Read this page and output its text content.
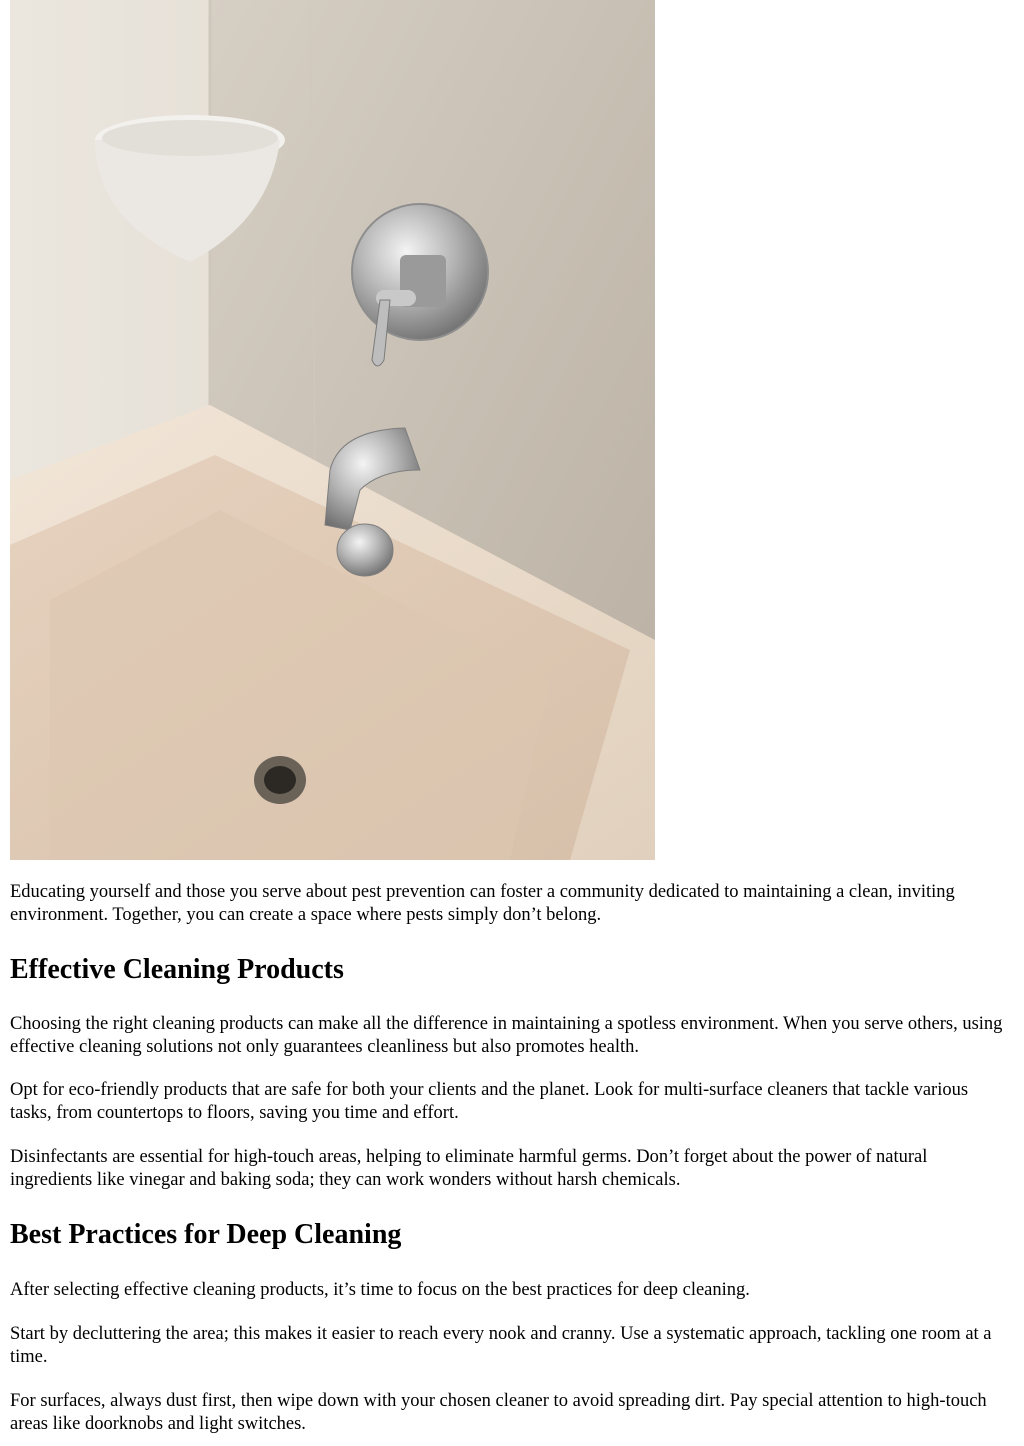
Educating yourself and those you serve about pest prevention can foster a community dedicated to maintaining a clean, inviting environment. Together, you can create a space where pests simply don’t belong.

Effective Cleaning Products

Choosing the right cleaning products can make all the difference in maintaining a spotless environment. When you serve others, using effective cleaning solutions not only guarantees cleanliness but also promotes health.

Opt for eco-friendly products that are safe for both your clients and the planet. Look for multi-surface cleaners that tackle various tasks, from countertops to floors, saving you time and effort.

Disinfectants are essential for high-touch areas, helping to eliminate harmful germs. Don’t forget about the power of natural ingredients like vinegar and baking soda; they can work wonders without harsh chemicals.

Best Practices for Deep Cleaning

After selecting effective cleaning products, it’s time to focus on the best practices for deep cleaning.

Start by decluttering the area; this makes it easier to reach every nook and cranny. Use a systematic approach, tackling one room at a time.

For surfaces, always dust first, then wipe down with your chosen cleaner to avoid spreading dirt. Pay special attention to high-touch areas like doorknobs and light switches.
